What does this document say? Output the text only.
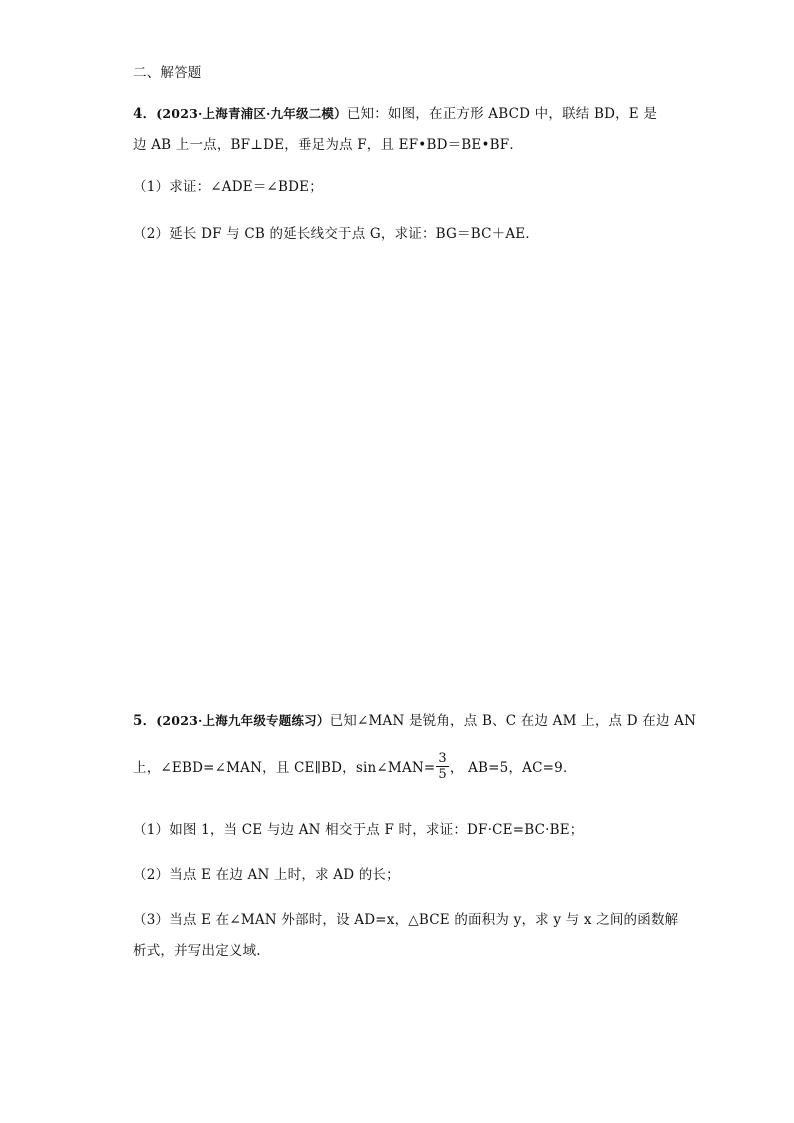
二、解答题
4．(2023·上海青浦区·九年级二模）已知：如图，在正方形 ABCD 中，联结 BD，E 是
边 AB 上一点，BF⊥DE，垂足为点 F，且 EF•BD＝BE•BF．
（1）求证：∠ADE＝∠BDE；
（2）延长 DF 与 CB 的延长线交于点 G，求证：BG＝BC＋AE．
5．(2023·上海九年级专题练习）已知∠MAN 是锐角，点 B、C 在边 AM 上，点 D 在边 AN
上，∠EBD=∠MAN，且 CE∥BD，sin∠MAN= $\frac{3}{5}$ ， AB=5，AC=9．
（1）如图 1，当 CE 与边 AN 相交于点 F 时，求证：DF·CE=BC·BE；
（2）当点 E 在边 AN 上时，求 AD 的长；
（3）当点 E 在∠MAN 外部时，设 AD=x，△BCE 的面积为 y，求 y 与 x 之间的函数解
析式，并写出定义域.
